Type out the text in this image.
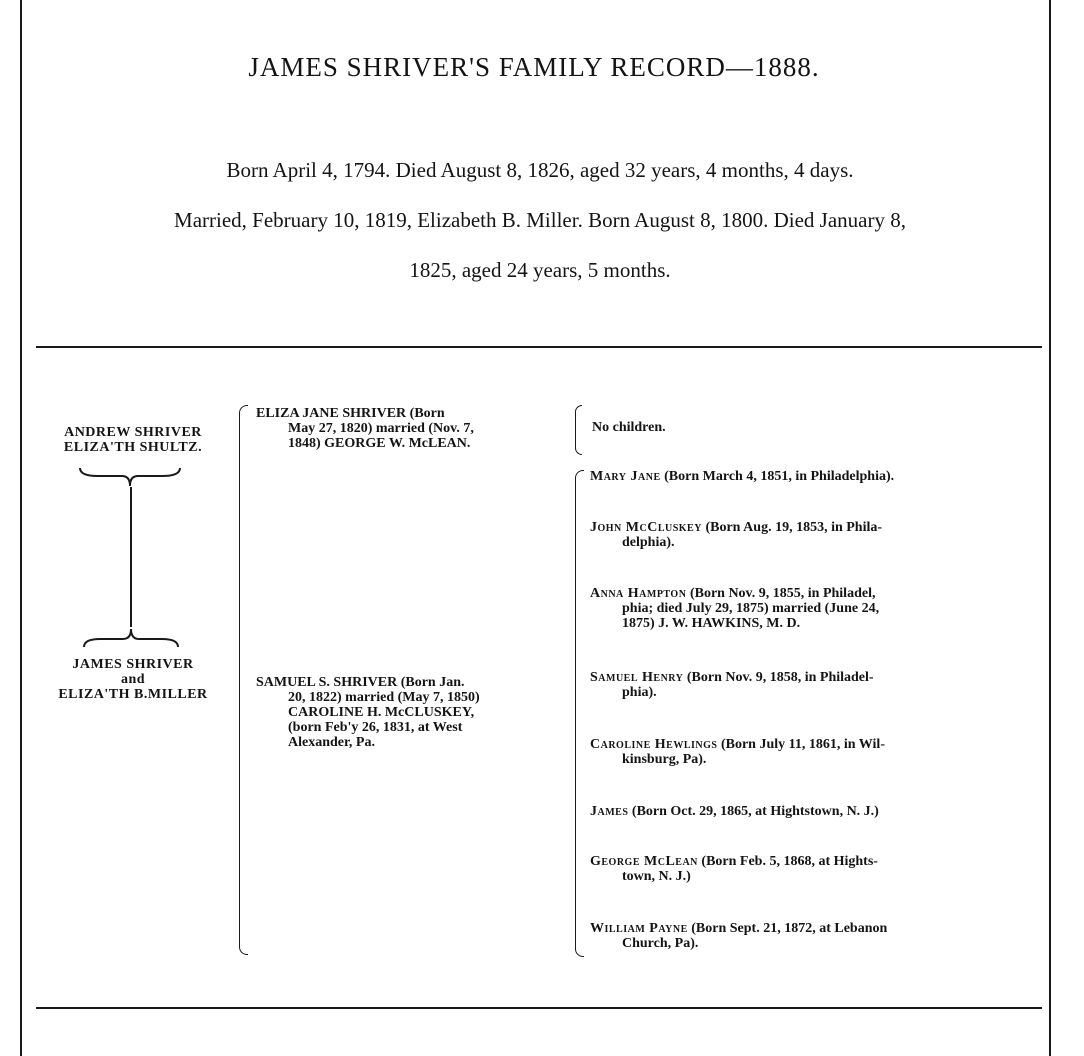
JAMES SHRIVER'S FAMILY RECORD—1888.
Born April 4, 1794. Died August 8, 1826, aged 32 years, 4 months, 4 days.
Married, February 10, 1819, Elizabeth B. Miller. Born August 8, 1800. Died January 8,
1825, aged 24 years, 5 months.
ANDREW SHRIVER
ELIZA'TH SHULTZ.
JAMES SHRIVER
and
ELIZA'TH B.MILLER
ELIZA JANE SHRIVER (Born
May 27, 1820) married (Nov. 7,
1848) GEORGE W. McLEAN.
No children.
SAMUEL S. SHRIVER (Born Jan.
20, 1822) married (May 7, 1850)
CAROLINE H. McCLUSKEY,
(born Feb'y 26, 1831, at West
Alexander, Pa.
Mary Jane (Born March 4, 1851, in Philadelphia).
John McCluskey (Born Aug. 19, 1853, in Phila-
delphia).
Anna Hampton (Born Nov. 9, 1855, in Philadel,
phia; died July 29, 1875) married (June 24,
1875) J. W. HAWKINS, M. D.
Samuel Henry (Born Nov. 9, 1858, in Philadel-
phia).
Caroline Hewlings (Born July 11, 1861, in Wil-
kinsburg, Pa).
James (Born Oct. 29, 1865, at Hightstown, N. J.)
George McLean (Born Feb. 5, 1868, at Hights-
town, N. J.)
William Payne (Born Sept. 21, 1872, at Lebanon
Church, Pa).
